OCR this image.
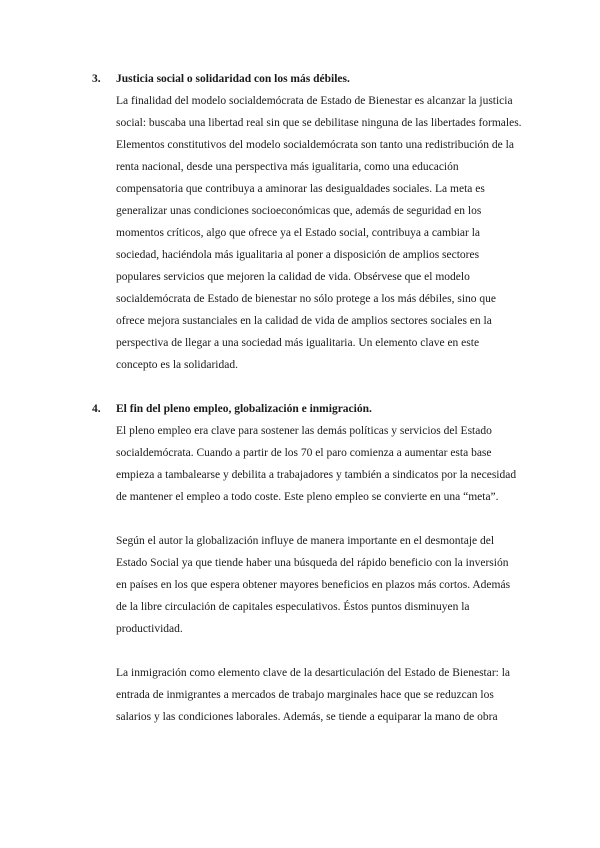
3. Justicia social o solidaridad con los más débiles.

La finalidad del modelo socialdemócrata de Estado de Bienestar es alcanzar la justicia social: buscaba una libertad real sin que se debilitase ninguna de las libertades formales. Elementos constitutivos del modelo socialdemócrata son tanto una redistribución de la renta nacional, desde una perspectiva más igualitaria, como una educación compensatoria que contribuya a aminorar las desigualdades sociales. La meta es generalizar unas condiciones socioeconómicas que, además de seguridad en los momentos críticos, algo que ofrece ya el Estado social, contribuya a cambiar la sociedad, haciéndola más igualitaria al poner a disposición de amplios sectores populares servicios que mejoren la calidad de vida. Obsérvese que el modelo socialdemócrata de Estado de bienestar no sólo protege a los más débiles, sino que ofrece mejora sustanciales en la calidad de vida de amplios sectores sociales en la perspectiva de llegar a una sociedad más igualitaria. Un elemento clave en este concepto es la solidaridad.

4. El fin del pleno empleo, globalización e inmigración.

El pleno empleo era clave para sostener las demás políticas y servicios del Estado socialdemócrata. Cuando a partir de los 70 el paro comienza a aumentar esta base empieza a tambalearse y debilita a trabajadores y también a sindicatos por la necesidad de mantener el empleo a todo coste. Este pleno empleo se convierte en una “meta”.

Según el autor la globalización influye de manera importante en el desmontaje del Estado Social ya que tiende haber una búsqueda del rápido beneficio con la inversión en países en los que espera obtener mayores beneficios en plazos más cortos. Además de la libre circulación de capitales especulativos. Éstos puntos disminuyen la productividad.

La inmigración como elemento clave de la desarticulación del Estado de Bienestar: la entrada de inmigrantes a mercados de trabajo marginales hace que se reduzcan los salarios y las condiciones laborales. Además, se tiende a equiparar la mano de obra
